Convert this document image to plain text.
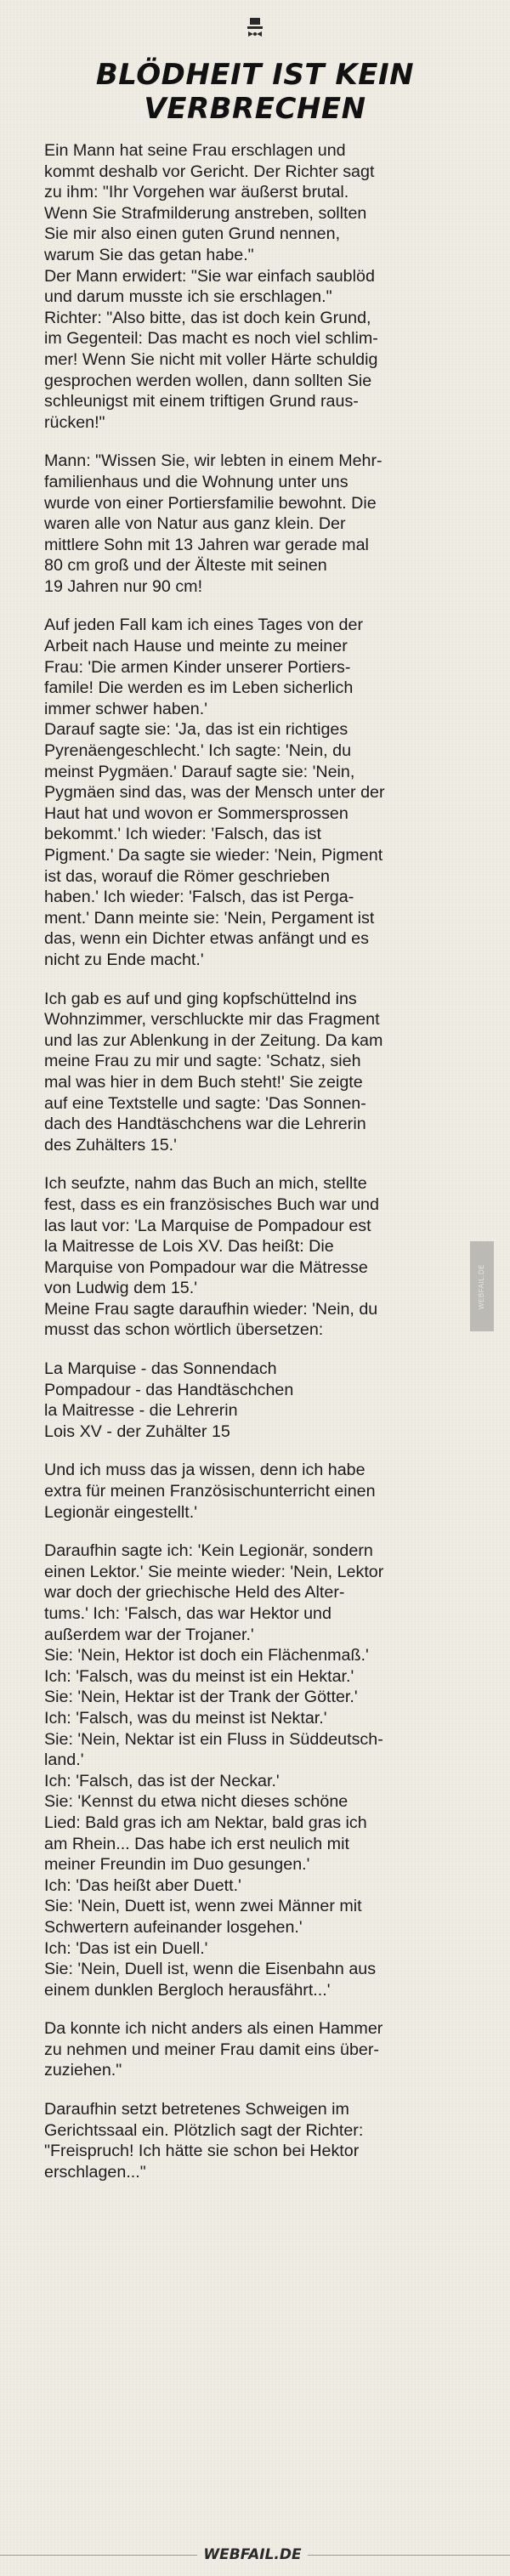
BLÖDHEIT IST KEIN
VERBRECHEN

Ein Mann hat seine Frau erschlagen und
kommt deshalb vor Gericht. Der Richter sagt
zu ihm: "Ihr Vorgehen war äußerst brutal.
Wenn Sie Strafmilderung anstreben, sollten
Sie mir also einen guten Grund nennen,
warum Sie das getan habe."
Der Mann erwidert: "Sie war einfach saublöd
und darum musste ich sie erschlagen."
Richter: "Also bitte, das ist doch kein Grund,
im Gegenteil: Das macht es noch viel schlim-
mer! Wenn Sie nicht mit voller Härte schuldig
gesprochen werden wollen, dann sollten Sie
schleunigst mit einem triftigen Grund raus-
rücken!"

Mann: "Wissen Sie, wir lebten in einem Mehr-
familienhaus und die Wohnung unter uns
wurde von einer Portiersfamilie bewohnt. Die
waren alle von Natur aus ganz klein. Der
mittlere Sohn mit 13 Jahren war gerade mal
80 cm groß und der Älteste mit seinen
19 Jahren nur 90 cm!

Auf jeden Fall kam ich eines Tages von der
Arbeit nach Hause und meinte zu meiner
Frau: 'Die armen Kinder unserer Portiers-
famile! Die werden es im Leben sicherlich
immer schwer haben.'
Darauf sagte sie: 'Ja, das ist ein richtiges
Pyrenäengeschlecht.' Ich sagte: 'Nein, du
meinst Pygmäen.' Darauf sagte sie: 'Nein,
Pygmäen sind das, was der Mensch unter der
Haut hat und wovon er Sommersprossen
bekommt.' Ich wieder: 'Falsch, das ist
Pigment.' Da sagte sie wieder: 'Nein, Pigment
ist das, worauf die Römer geschrieben
haben.' Ich wieder: 'Falsch, das ist Perga-
ment.' Dann meinte sie: 'Nein, Pergament ist
das, wenn ein Dichter etwas anfängt und es
nicht zu Ende macht.'

Ich gab es auf und ging kopfschüttelnd ins
Wohnzimmer, verschluckte mir das Fragment
und las zur Ablenkung in der Zeitung. Da kam
meine Frau zu mir und sagte: 'Schatz, sieh
mal was hier in dem Buch steht!' Sie zeigte
auf eine Textstelle und sagte: 'Das Sonnen-
dach des Handtäschchens war die Lehrerin
des Zuhälters 15.'

Ich seufzte, nahm das Buch an mich, stellte
fest, dass es ein französisches Buch war und
las laut vor: 'La Marquise de Pompadour est
la Maitresse de Lois XV. Das heißt: Die
Marquise von Pompadour war die Mätresse
von Ludwig dem 15.'
Meine Frau sagte daraufhin wieder: 'Nein, du
musst das schon wörtlich übersetzen:

La Marquise - das Sonnendach
Pompadour - das Handtäschchen
la Maitresse - die Lehrerin
Lois XV - der Zuhälter 15

Und ich muss das ja wissen, denn ich habe
extra für meinen Französischunterricht einen
Legionär eingestellt.'

Daraufhin sagte ich: 'Kein Legionär, sondern
einen Lektor.' Sie meinte wieder: 'Nein, Lektor
war doch der griechische Held des Alter-
tums.' Ich: 'Falsch, das war Hektor und
außerdem war der Trojaner.'
Sie: 'Nein, Hektor ist doch ein Flächenmaß.'
Ich: 'Falsch, was du meinst ist ein Hektar.'
Sie: 'Nein, Hektar ist der Trank der Götter.'
Ich: 'Falsch, was du meinst ist Nektar.'
Sie: 'Nein, Nektar ist ein Fluss in Süddeutsch-
land.'
Ich: 'Falsch, das ist der Neckar.'
Sie: 'Kennst du etwa nicht dieses schöne
Lied: Bald gras ich am Nektar, bald gras ich
am Rhein... Das habe ich erst neulich mit
meiner Freundin im Duo gesungen.'
Ich: 'Das heißt aber Duett.'
Sie: 'Nein, Duett ist, wenn zwei Männer mit
Schwertern aufeinander losgehen.'
Ich: 'Das ist ein Duell.'
Sie: 'Nein, Duell ist, wenn die Eisenbahn aus
einem dunklen Bergloch herausfährt...'

Da konnte ich nicht anders als einen Hammer
zu nehmen und meiner Frau damit eins über-
zuziehen."

Daraufhin setzt betretenes Schweigen im
Gerichtssaal ein. Plötzlich sagt der Richter:
"Freispruch! Ich hätte sie schon bei Hektor
erschlagen..."

WEBFAIL.DE
WEBFAIL.DE
